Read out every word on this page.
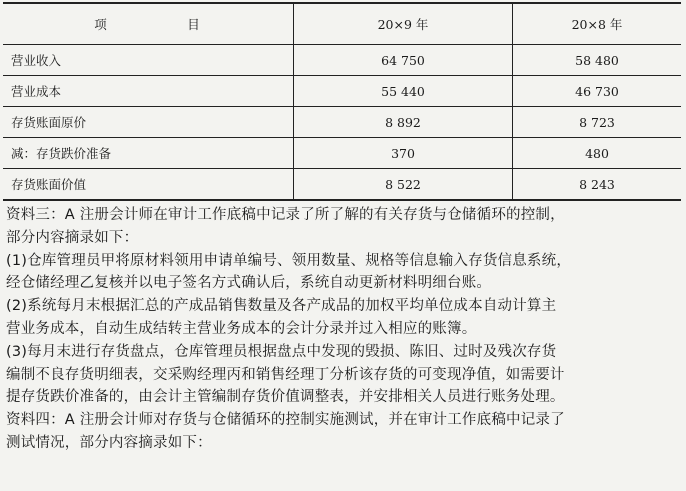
项　目	20×9 年	20×8 年
营业收入	64 750	58 480
营业成本	55 440	46 730
存货账面原价	8 892	8 723
减：存货跌价准备	370	480
存货账面价值	8 522	8 243

资料三：A 注册会计师在审计工作底稿中记录了所了解的有关存货与仓储循环的控制，

部分内容摘录如下：

(1)仓库管理员甲将原材料领用申请单编号、领用数量、规格等信息输入存货信息系统，

经仓储经理乙复核并以电子签名方式确认后，系统自动更新材料明细台账。

(2)系统每月末根据汇总的产成品销售数量及各产成品的加权平均单位成本自动计算主

营业务成本，自动生成结转主营业务成本的会计分录并过入相应的账簿。

(3)每月末进行存货盘点，仓库管理员根据盘点中发现的毁损、陈旧、过时及残次存货

编制不良存货明细表，交采购经理丙和销售经理丁分析该存货的可变现净值，如需要计

提存货跌价准备的，由会计主管编制存货价值调整表，并安排相关人员进行账务处理。

资料四：A 注册会计师对存货与仓储循环的控制实施测试，并在审计工作底稿中记录了

测试情况，部分内容摘录如下：
